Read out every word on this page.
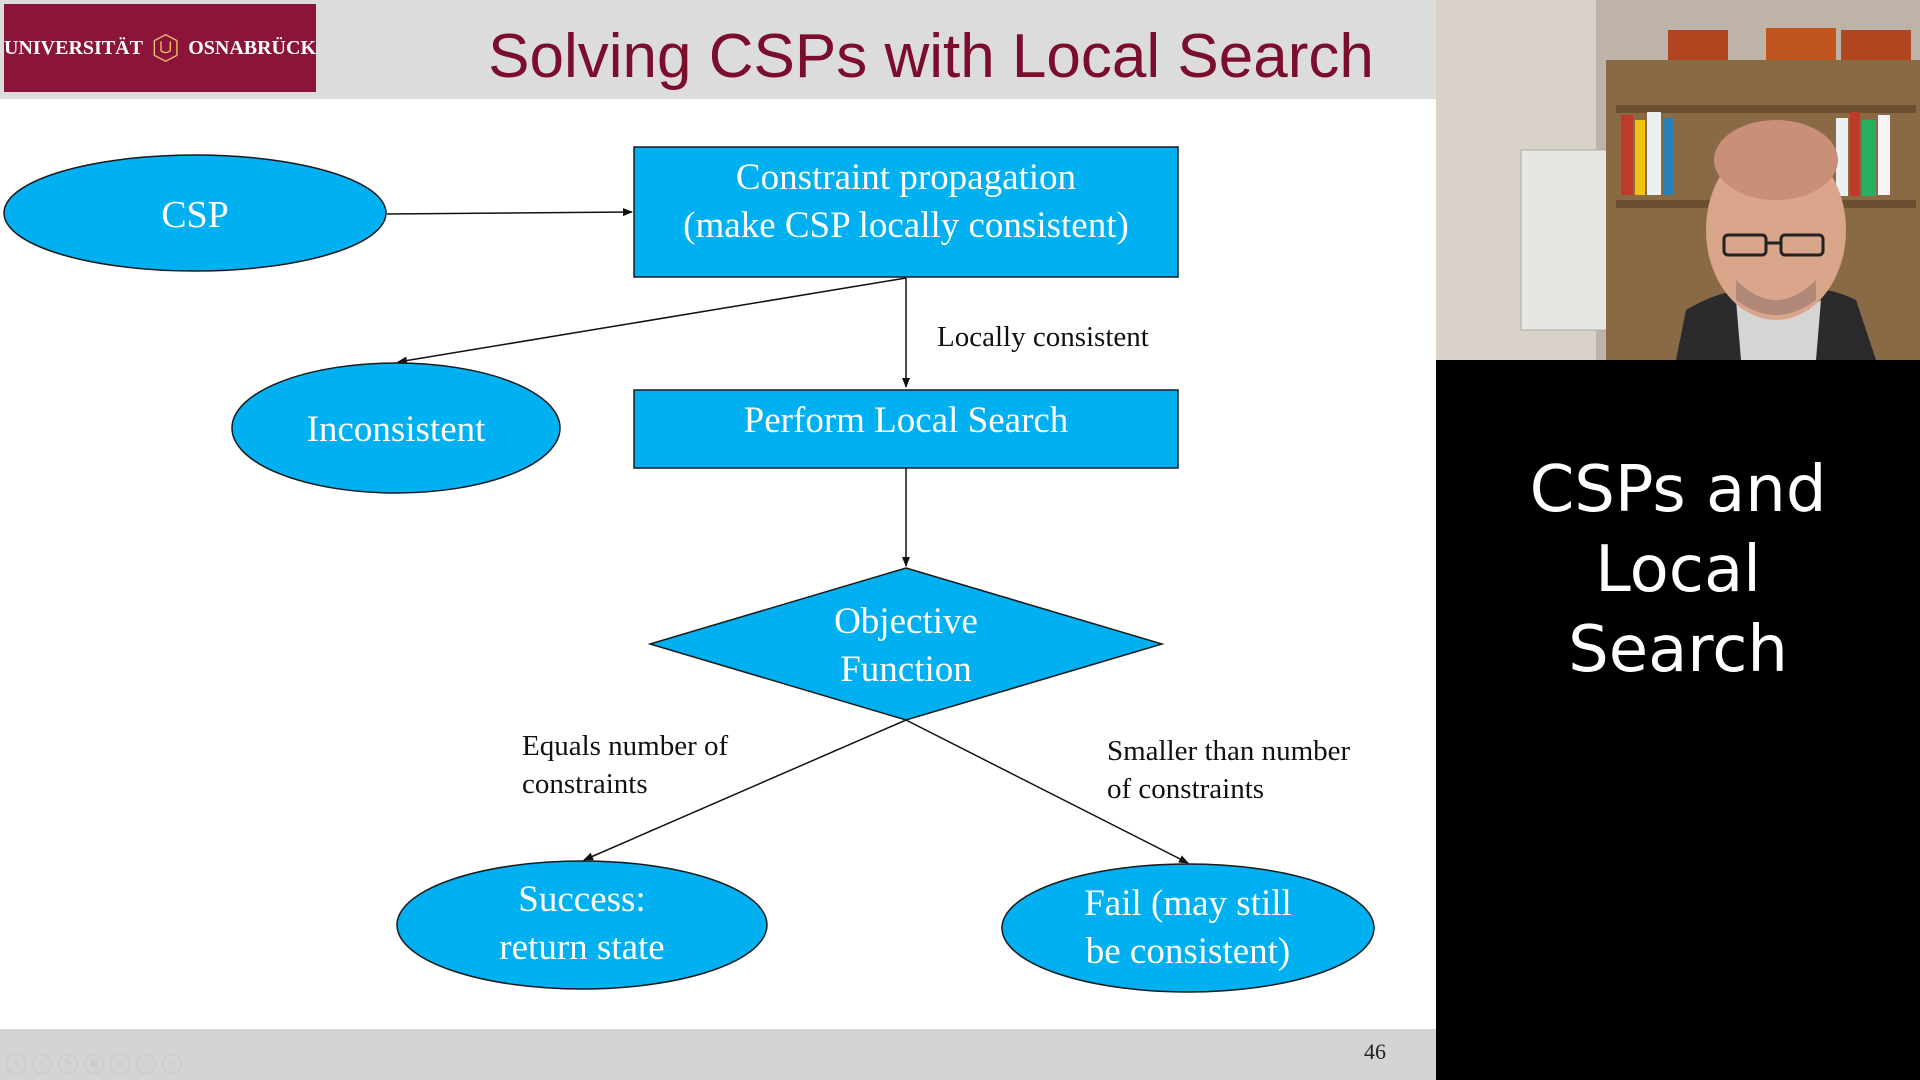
UNIVERSITÄT OSNABRÜCK	Solving CSPs with Local Search
CSP
Constraint propagation
(make CSP locally consistent)
Inconsistent	Perform Local Search
Objective
Function
Success:
return state
Fail (may still
be consistent)
Locally consistent
Equals number of
constraints
Smaller than number
of constraints
‹	›	✎	▦	⌕	▭	⋯	46
CSPs and
Local
Search
